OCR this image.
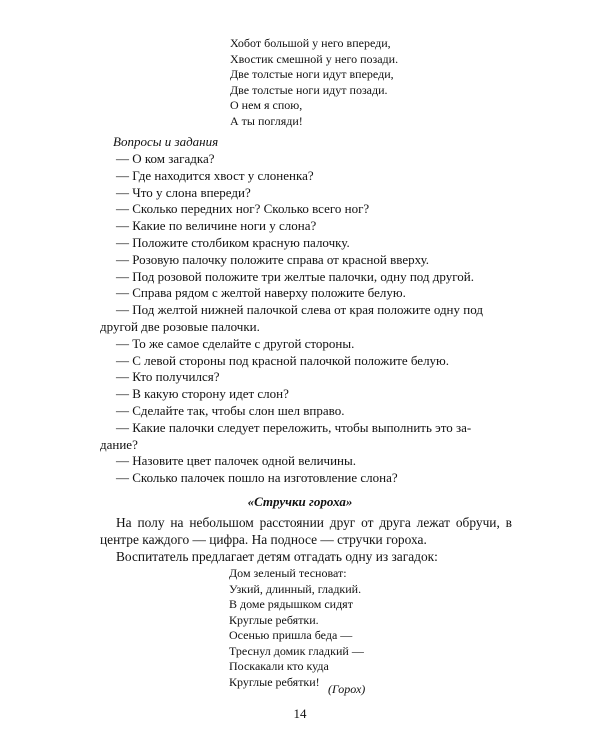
Хобот большой у него впереди,
Хвостик смешной у него позади.
Две толстые ноги идут впереди,
Две толстые ноги идут позади.
О нем я спою,
А ты погляди!
Вопросы и задания
— О ком загадка?
— Где находится хвост у слоненка?
— Что у слона впереди?
— Сколько передних ног? Сколько всего ног?
— Какие по величине ноги у слона?
— Положите столбиком красную палочку.
— Розовую палочку положите справа от красной вверху.
— Под розовой положите три желтые палочки, одну под другой.
— Справа рядом с желтой наверху положите белую.
— Под желтой нижней палочкой слева от края положите одну под
другой две розовые палочки.
— То же самое сделайте с другой стороны.
— С левой стороны под красной палочкой положите белую.
— Кто получился?
— В какую сторону идет слон?
— Сделайте так, чтобы слон шел вправо.
— Какие палочки следует переложить, чтобы выполнить это за-
дание?
— Назовите цвет палочек одной величины.
— Сколько палочек пошло на изготовление слона?
«Стручки гороха»
На полу на небольшом расстоянии друг от друга лежат обручи, в центре каждого — цифра. На подносе — стручки гороха.
Воспитатель предлагает детям отгадать одну из загадок:
Дом зеленый тесноват:
Узкий, длинный, гладкий.
В доме рядышком сидят
Круглые ребятки.
Осенью пришла беда —
Треснул домик гладкий —
Поскакали кто куда
Круглые ребятки!
(Горох)
14
